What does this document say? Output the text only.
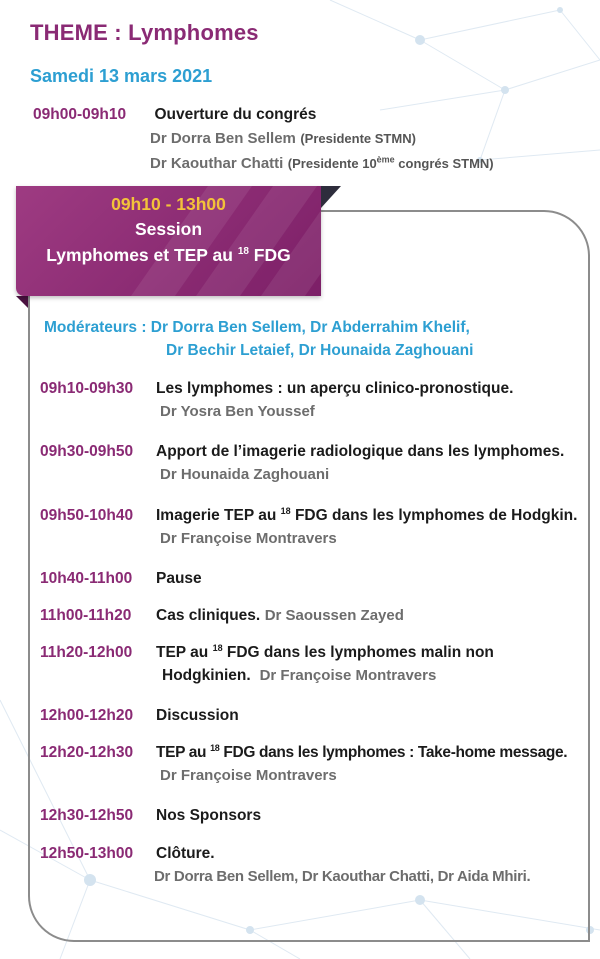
THEME : Lymphomes
Samedi 13 mars 2021
09h00-09h10 Ouverture du congrés
Dr Dorra Ben Sellem (Presidente STMN)
Dr Kaouthar Chatti (Presidente 10ème congrés STMN)
09h10 - 13h00
Session
Lymphomes et TEP au $^{18}$ FDG
Modérateurs : Dr Dorra Ben Sellem, Dr Abderrahim Khelif,
Dr Bechir Letaief, Dr Hounaida Zaghouani
09h10-09h30 Les lymphomes : un aperçu clinico-pronostique.
Dr Yosra Ben Youssef
09h30-09h50 Apport de l’imagerie radiologique dans les lymphomes.
Dr Hounaida Zaghouani
09h50-10h40 Imagerie TEP au $^{18}$ FDG dans les lymphomes de Hodgkin.
Dr Françoise Montravers
10h40-11h00 Pause
11h00-11h20 Cas cliniques. Dr Saoussen Zayed
11h20-12h00 TEP au $^{18}$ FDG dans les lymphomes malin non
Hodgkinien. Dr Françoise Montravers
12h00-12h20 Discussion
12h20-12h30 TEP au $^{18}$ FDG dans les lymphomes : Take-home message.
Dr Françoise Montravers
12h30-12h50 Nos Sponsors
12h50-13h00 Clôture.
Dr Dorra Ben Sellem, Dr Kaouthar Chatti, Dr Aida Mhiri.
